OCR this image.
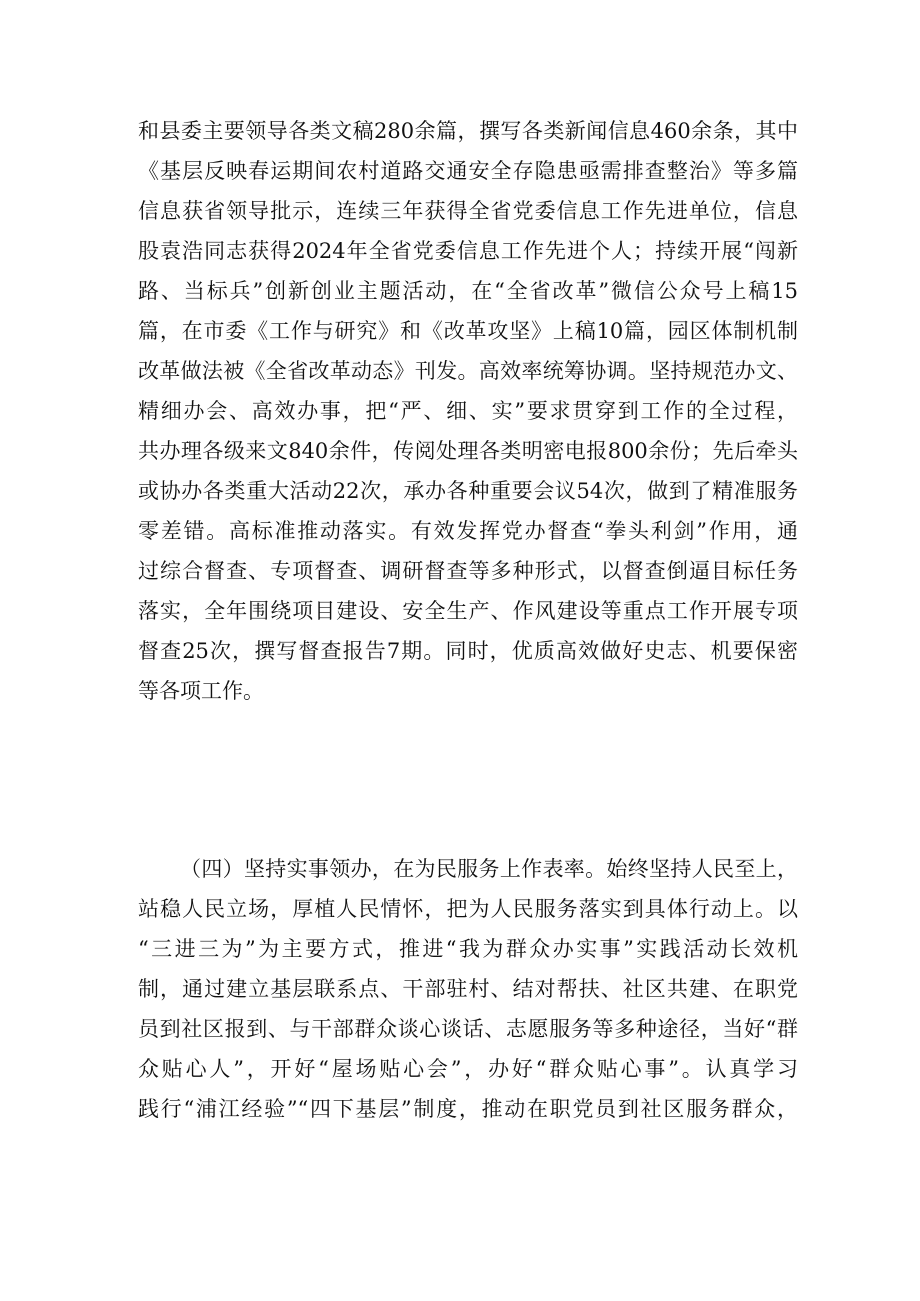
和县委主要领导各类文稿280余篇，撰写各类新闻信息460余条，其中
《基层反映春运期间农村道路交通安全存隐患亟需排查整治》等多篇
信息获省领导批示，连续三年获得全省党委信息工作先进单位，信息
股袁浩同志获得2024年全省党委信息工作先进个人；持续开展“闯新
路、当标兵”创新创业主题活动，在“全省改革”微信公众号上稿15
篇，在市委《工作与研究》和《改革攻坚》上稿10篇，园区体制机制
改革做法被《全省改革动态》刊发。高效率统筹协调。坚持规范办文、
精细办会、高效办事，把“严、细、实”要求贯穿到工作的全过程，
共办理各级来文840余件，传阅处理各类明密电报800余份；先后牵头
或协办各类重大活动22次，承办各种重要会议54次，做到了精准服务
零差错。高标准推动落实。有效发挥党办督查“拳头利剑”作用，通
过综合督查、专项督查、调研督查等多种形式，以督查倒逼目标任务
落实，全年围绕项目建设、安全生产、作风建设等重点工作开展专项
督查25次，撰写督查报告7期。同时，优质高效做好史志、机要保密
等各项工作。

（四）坚持实事领办，在为民服务上作表率。始终坚持人民至上，
站稳人民立场，厚植人民情怀，把为人民服务落实到具体行动上。以
“三进三为”为主要方式，推进“我为群众办实事”实践活动长效机
制，通过建立基层联系点、干部驻村、结对帮扶、社区共建、在职党
员到社区报到、与干部群众谈心谈话、志愿服务等多种途径，当好“群
众贴心人”，开好“屋场贴心会”，办好“群众贴心事”。认真学习
践行“浦江经验”“四下基层”制度，推动在职党员到社区服务群众，
